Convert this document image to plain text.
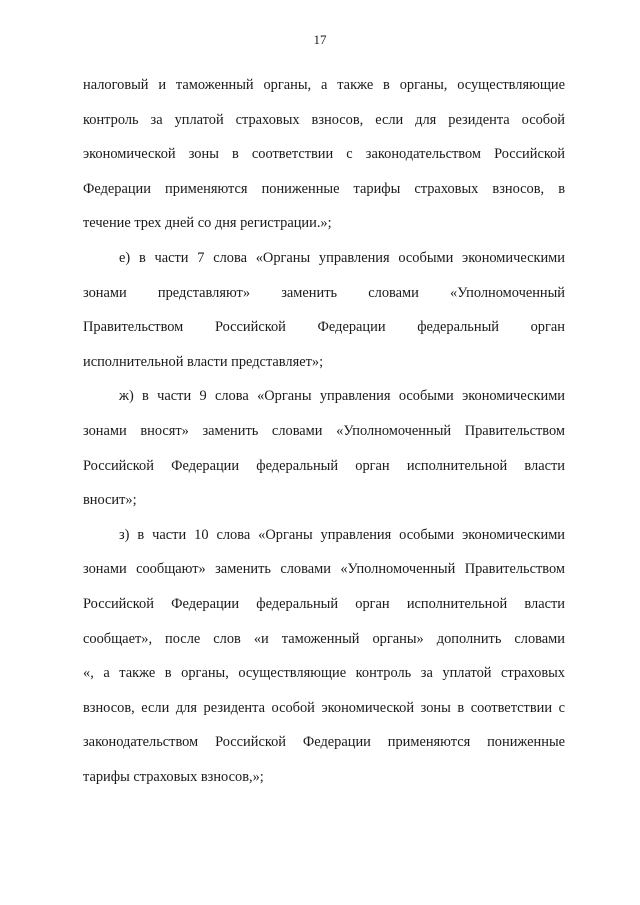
17
налоговый и таможенный органы, а также в органы, осуществляющие
контроль за уплатой страховых взносов, если для резидента особой
экономической зоны в соответствии с законодательством Российской
Федерации применяются пониженные тарифы страховых взносов, в
течение трех дней со дня регистрации.»;
е) в части 7 слова «Органы управления особыми экономическими
зонами представляют» заменить словами «Уполномоченный
Правительством Российской Федерации федеральный орган
исполнительной власти представляет»;
ж) в части 9 слова «Органы управления особыми экономическими
зонами вносят» заменить словами «Уполномоченный Правительством
Российской Федерации федеральный орган исполнительной власти
вносит»;
з) в части 10 слова «Органы управления особыми экономическими
зонами сообщают» заменить словами «Уполномоченный Правительством
Российской Федерации федеральный орган исполнительной власти
сообщает», после слов «и таможенный органы» дополнить словами
«, а также в органы, осуществляющие контроль за уплатой страховых
взносов, если для резидента особой экономической зоны в соответствии с
законодательством Российской Федерации применяются пониженные
тарифы страховых взносов,»;
